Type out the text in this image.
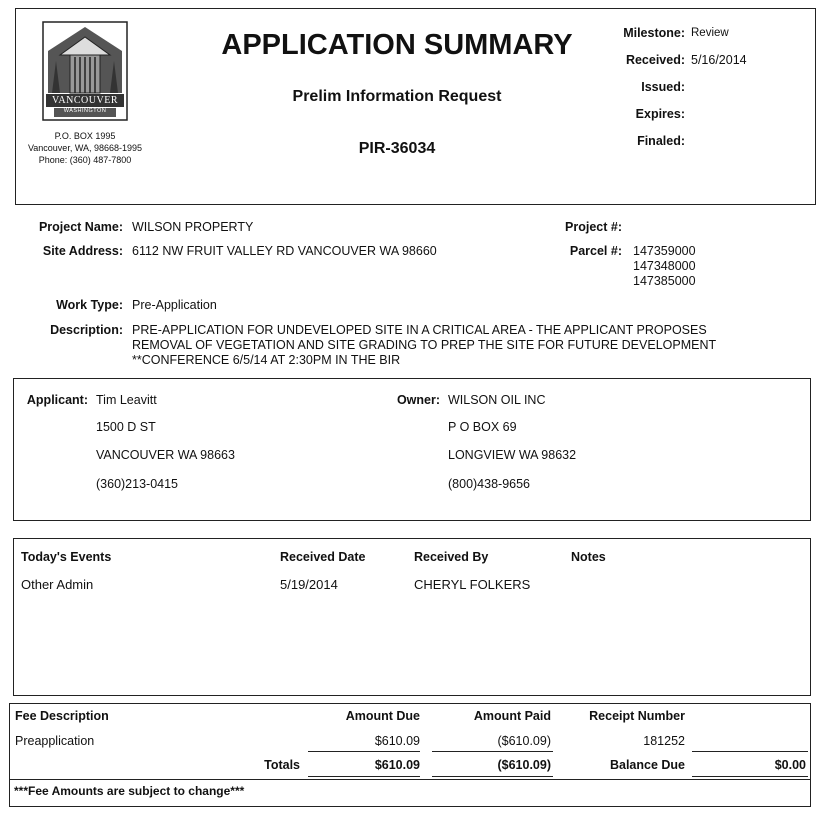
VANCOUVER
WASHINGTON
P.O. BOX 1995
Vancouver, WA, 98668-1995
Phone: (360) 487-7800
APPLICATION SUMMARY
Prelim Information Request
PIR-36034
Milestone: Review
Received: 5/16/2014
Issued:
Expires:
Finaled:
Project Name: WILSON PROPERTY
Site Address: 6112 NW FRUIT VALLEY RD VANCOUVER WA 98660
Project #:
Parcel #: 147359000
147348000
147385000
Work Type: Pre-Application
Description: PRE-APPLICATION FOR UNDEVELOPED SITE IN A CRITICAL AREA - THE APPLICANT PROPOSES
REMOVAL OF VEGETATION AND SITE GRADING TO PREP THE SITE FOR FUTURE DEVELOPMENT
**CONFERENCE 6/5/14 AT 2:30PM IN THE BIR
Applicant: Tim Leavitt
1500 D ST
VANCOUVER WA 98663
(360)213-0415
Owner: WILSON OIL INC
P O BOX 69
LONGVIEW WA 98632
(800)438-9656
Today's Events	Received Date	Received By	Notes
Other Admin	5/19/2014	CHERYL FOLKERS
Fee Description	Amount Due	Amount Paid	Receipt Number
Preapplication	$610.09	($610.09)	181252
Totals	$610.09	($610.09)	Balance Due	$0.00
***Fee Amounts are subject to change***
